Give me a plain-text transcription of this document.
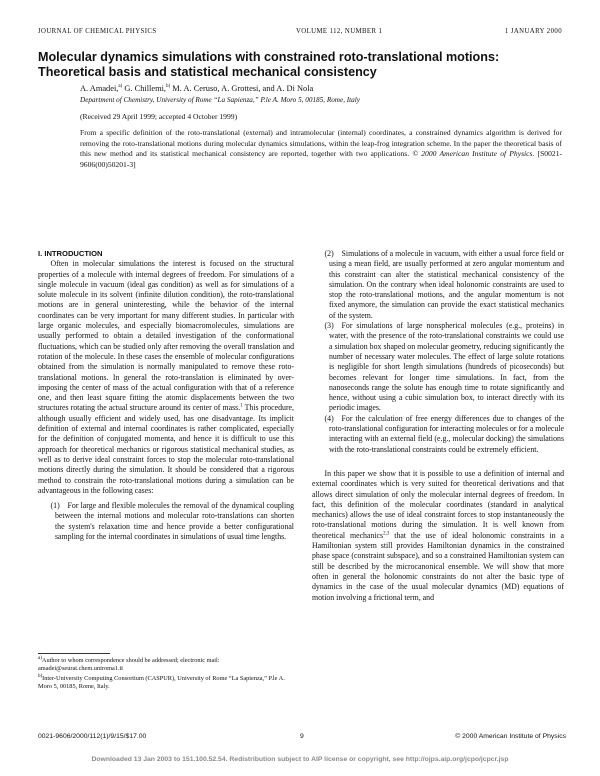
JOURNAL OF CHEMICAL PHYSICS	VOLUME 112, NUMBER 1	1 JANUARY 2000
Molecular dynamics simulations with constrained roto-translational motions: Theoretical basis and statistical mechanical consistency
A. Amadei,$^{a)}$ G. Chillemi,$^{b)}$ M. A. Ceruso, A. Grottesi, and A. Di Nola
Department of Chemistry, University of Rome “La Sapienza,” P.le A. Moro 5, 00185, Rome, Italy
(Received 29 April 1999; accepted 4 October 1999)
From a specific definition of the roto-translational (external) and intramolecular (internal) coordinates, a constrained dynamics algorithm is derived for removing the roto-translational motions during molecular dynamics simulations, within the leap-frog integration scheme. In the paper the theoretical basis of this new method and its statistical mechanical consistency are reported, together with two applications. © 2000 American Institute of Physics. [S0021-9606(00)50201-3]

I. INTRODUCTION

Often in molecular simulations the interest is focused on the structural properties of a molecule with internal degrees of freedom. For simulations of a single molecule in vacuum (ideal gas condition) as well as for simulations of a solute molecule in its solvent (infinite dilution condition), the roto-translational motions are in general uninteresting, while the behavior of the internal coordinates can be very important for many different studies. In particular with large organic molecules, and especially biomacromolecules, simulations are usually performed to obtain a detailed investigation of the conformational fluctuations, which can be studied only after removing the overall translation and rotation of the molecule. In these cases the ensemble of molecular configurations obtained from the simulation is normally manipulated to remove these roto-translational motions. In general the roto-translation is eliminated by over-imposing the center of mass of the actual configuration with that of a reference one, and then least square fitting the atomic displacements between the two structures rotating the actual structure around its center of mass.$^1$ This procedure, although usually efficient and widely used, has one disadvantage. Its implicit definition of external and internal coordinates is rather complicated, especially for the definition of conjugated momenta, and hence it is difficult to use this approach for theoretical mechanics or rigorous statistical mechanical studies, as well as to derive ideal constraint forces to stop the molecular roto-translational motions directly during the simulation. It should be considered that a rigorous method to constrain the roto-translational motions during a simulation can be advantageous in the following cases:

(1) For large and flexible molecules the removal of the dynamical coupling between the internal motions and molecular roto-translations can shorten the system's relaxation time and hence provide a better configurational sampling for the internal coordinates in simulations of usual time lengths.

(2) Simulations of a molecule in vacuum, with either a usual force field or using a mean field, are usually performed at zero angular momentum and this constraint can alter the statistical mechanical consistency of the simulation. On the contrary when ideal holonomic constraints are used to stop the roto-translational motions, and the angular momentum is not fixed anymore, the simulation can provide the exact statistical mechanics of the system.

(3) For simulations of large nonspherical molecules (e.g., proteins) in water, with the presence of the roto-translational constraints we could use a simulation box shaped on molecular geometry, reducing significantly the number of necessary water molecules. The effect of large solute rotations is negligible for short length simulations (hundreds of picoseconds) but becomes relevant for longer time simulations. In fact, from the nanoseconds range the solute has enough time to rotate significantly and hence, without using a cubic simulation box, to interact directly with its periodic images.

(4) For the calculation of free energy differences due to changes of the roto-translational configuration for interacting molecules or for a molecule interacting with an external field (e.g., molecular docking) the simulations with the roto-translational constraints could be extremely efficient.

In this paper we show that it is possible to use a definition of internal and external coordinates which is very suited for theoretical derivations and that allows direct simulation of only the molecular internal degrees of freedom. In fact, this definition of the molecular coordinates (standard in analytical mechanics) allows the use of ideal constraint forces to stop instantaneously the roto-translational motions during the simulation. It is well known from theoretical mechanics$^{2,3}$ that the use of ideal holonomic constraints in a Hamiltonian system still provides Hamiltonian dynamics in the constrained phase space (constraint subspace), and so a constrained Hamiltonian system can still be described by the microcanonical ensemble. We will show that more often in general the holonomic constraints do not alter the basic type of dynamics in the case of the usual molecular dynamics (MD) equations of motion involving a frictional term, and

$^{a)}$Author to whom correspondence should be addressed; electronic mail: amadei@seurat.chem.uniroma1.it
$^{b)}$Inter-University Computing Consortium (CASPUR), University of Rome “La Sapienza,” P.le A. Moro 5, 00185, Rome, Italy.
0021-9606/2000/112(1)/9/15/$17.00	9	© 2000 American Institute of Physics
Downloaded 13 Jan 2003 to 151.100.52.54. Redistribution subject to AIP license or copyright, see http://ojps.aip.org/jcpo/jcpcr.jsp
